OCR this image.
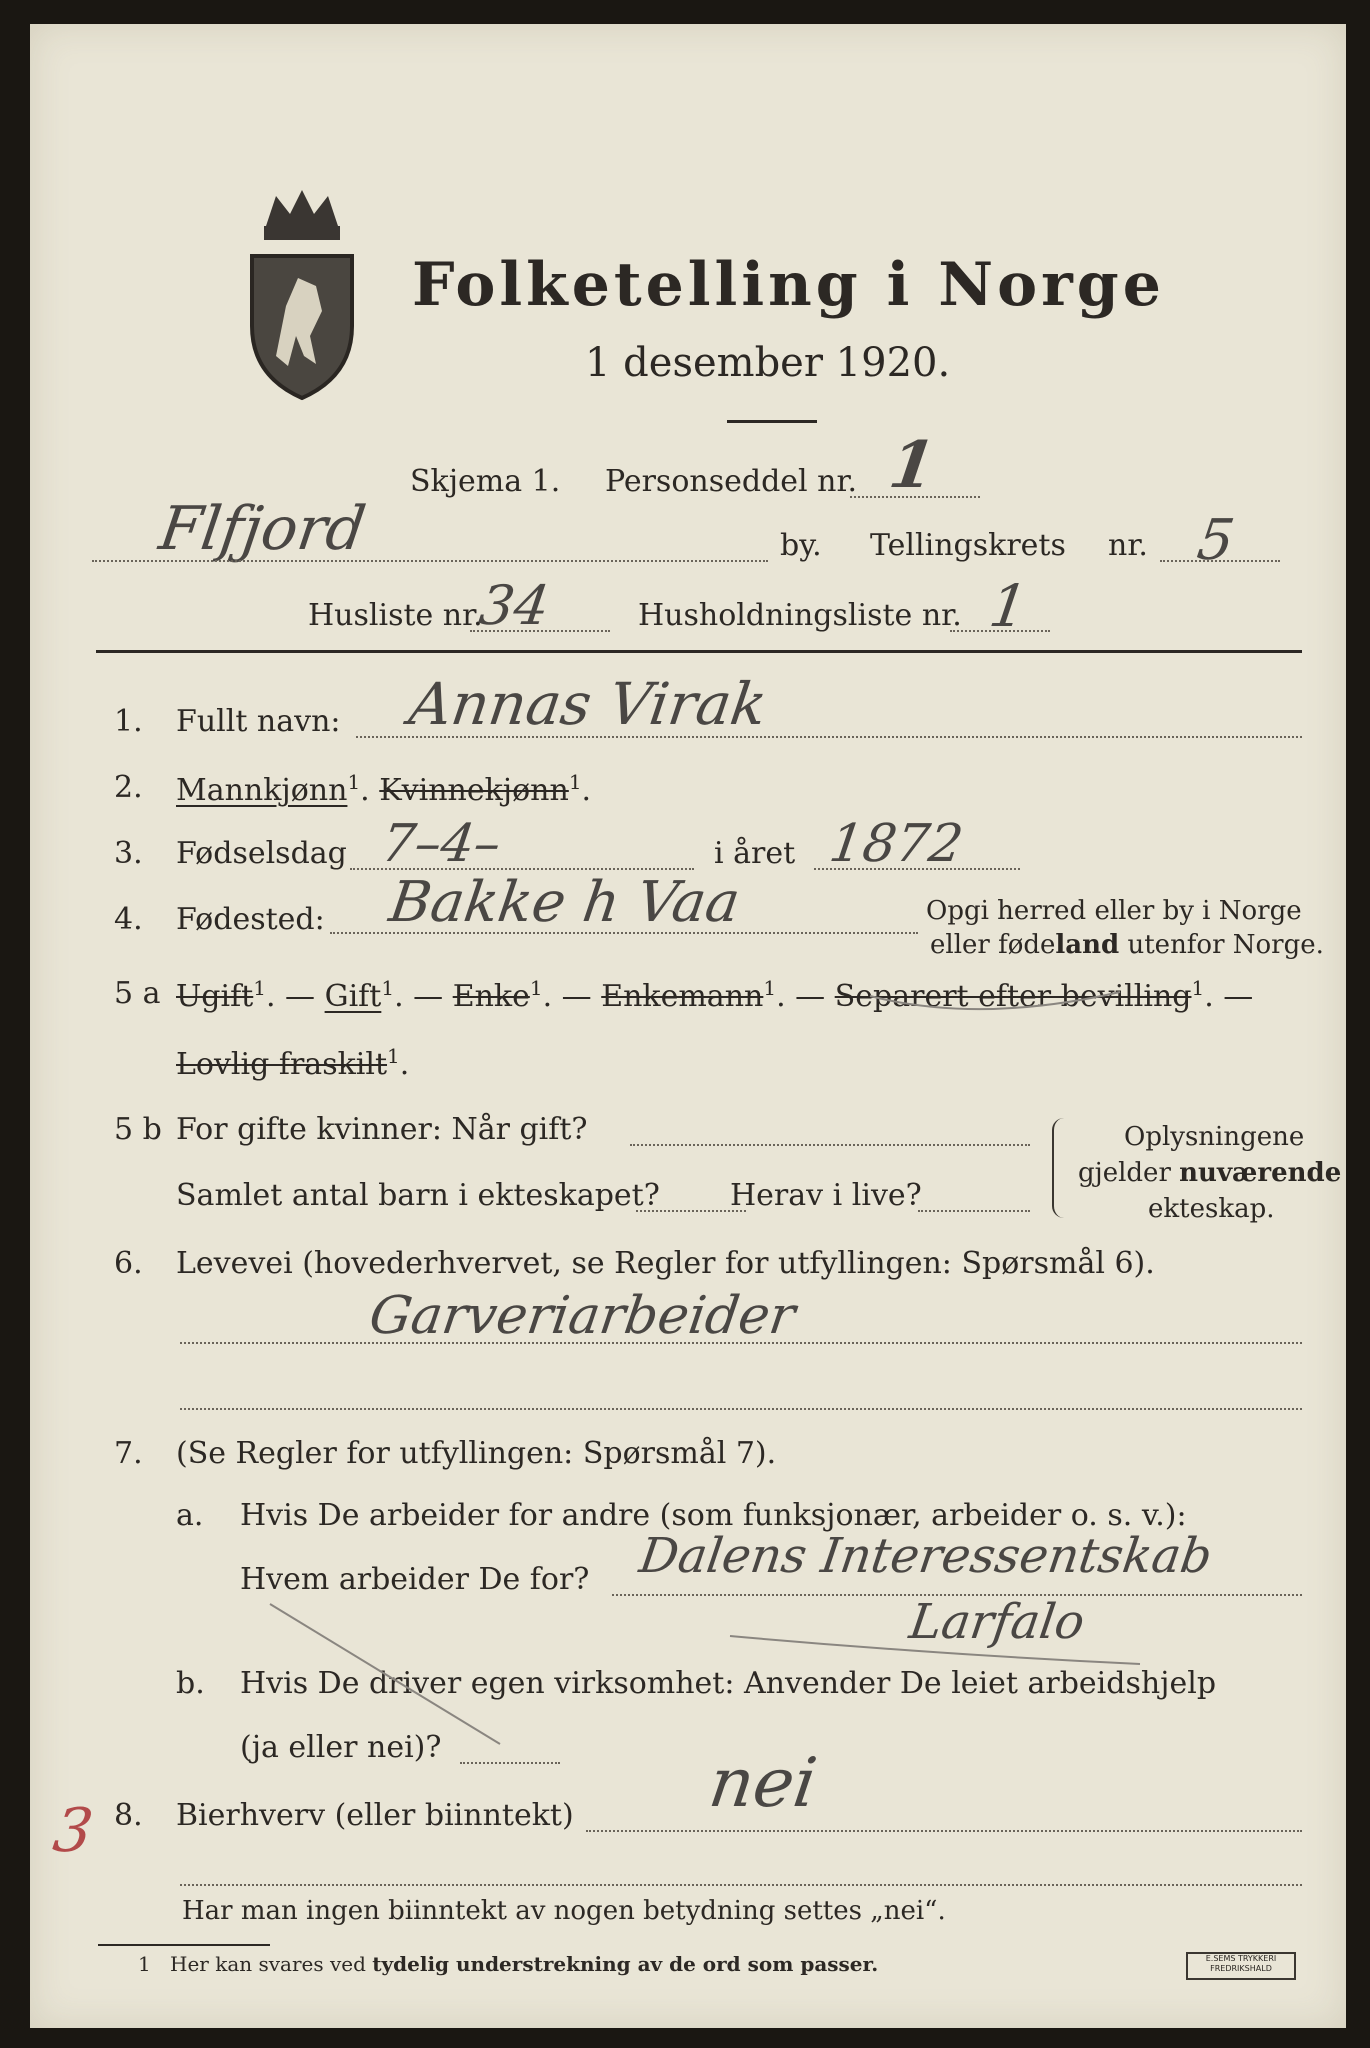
Folketelling i Norge
1 desember 1920.
Skjema 1. Personseddel nr. 1
Flfjord	by. Tellingskrets nr. 5
Husliste nr.
34	Husholdningsliste nr. 1
1. Fullt navn: Annas Virak
2. Mannkjønn$^1$. Kvinnekjønn$^1$.
3. Fødselsdag 7–4–	i året 1872
4. Fødested: Bakke h Vaa	Opgi herred eller by i Norge
eller fødeland utenfor Norge.
5 a Ugift$^1$. — Gift$^1$. — Enke$^1$. — Enkemann$^1$. — Separert efter bevilling$^1$. —
Lovlig fraskilt$^1$.
5 b For gifte kvinner: Når gift?
Samlet antal barn i ekteskapet? Herav i live?
Oplysningene
gjelder nuværende
ekteskap.
6. Levevei (hovederhvervet, se Regler for utfyllingen: Spørsmål 6).
Garveriarbeider
7. (Se Regler for utfyllingen: Spørsmål 7).
a. Hvis De arbeider for andre (som funksjonær, arbeider o. s. v.):
Hvem arbeider De for? Dalens Interessentskab
Larfalo
b. Hvis De driver egen virksomhet: Anvender De leiet arbeidshjelp
(ja eller nei)?
3 8. Bierhverv (eller biinntekt) nei
Har man ingen biinntekt av nogen betydning settes „nei“.
1 Her kan svares ved tydelig understrekning av de ord som passer.	E.SEMS TRYKKERI
FREDRIKSHALD
